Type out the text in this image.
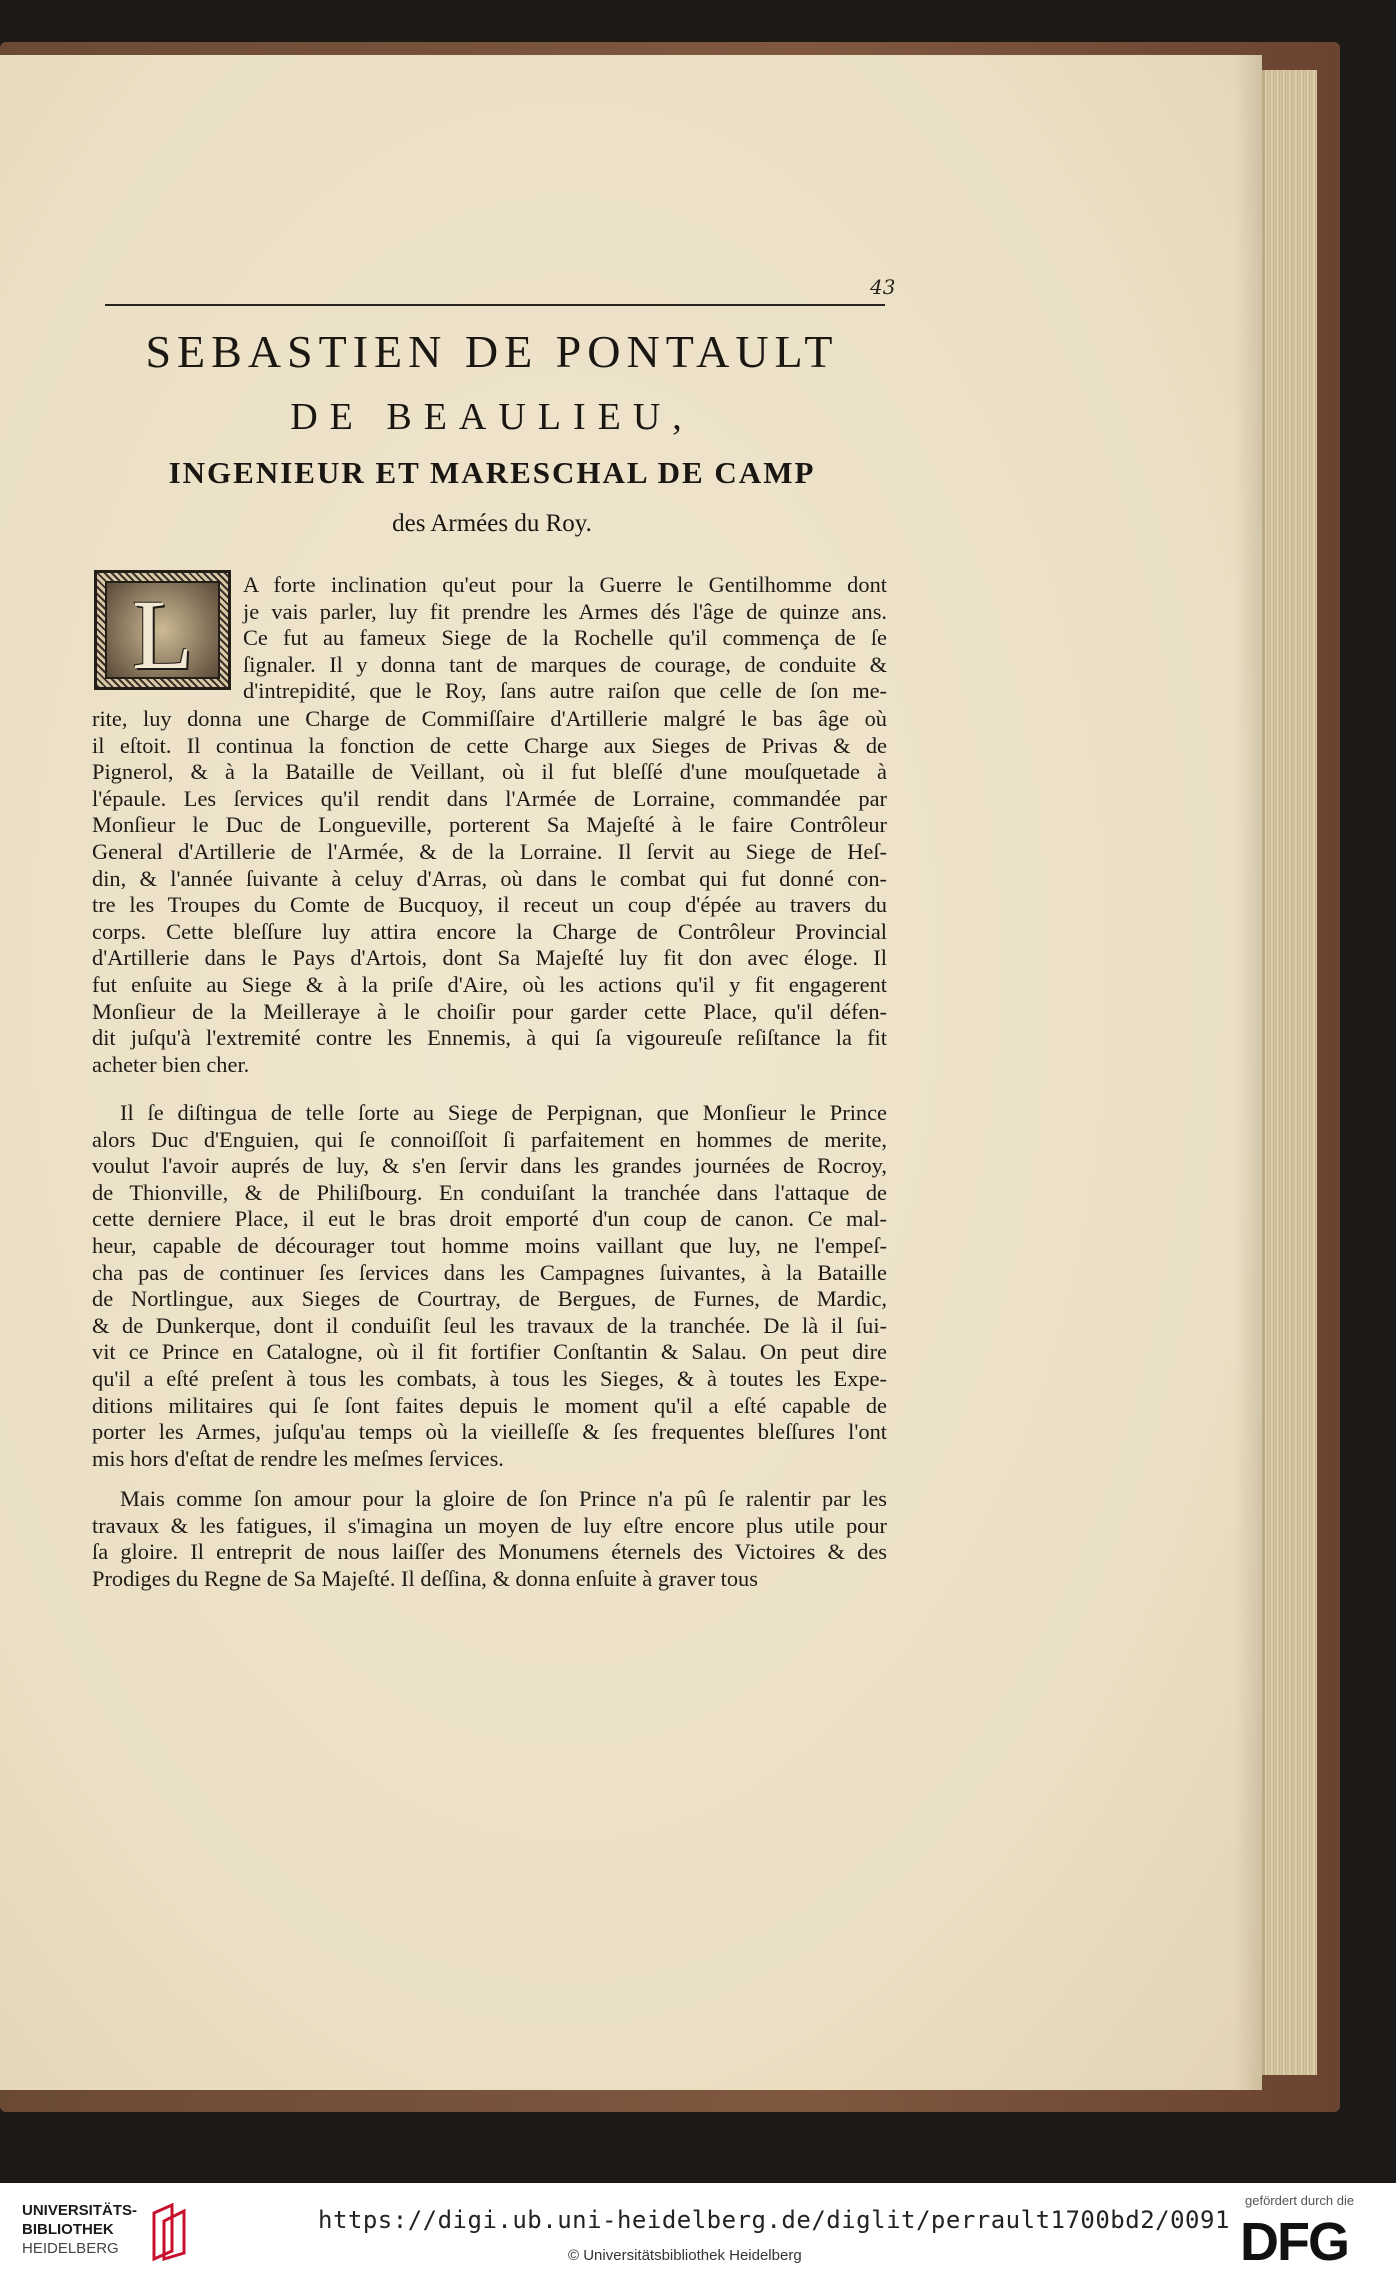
43
SEBASTIEN DE PONTAULT
DE BEAULIEU,
INGENIEUR ET MARESCHAL DE CAMP
des Armées du Roy.
L	A forte inclination qu'eut pour la Guerre le Gentilhomme dont
je vais parler, luy fit prendre les Armes dés l'âge de quinze ans.
Ce fut au fameux Siege de la Rochelle qu'il commença de ſe
ſignaler. Il y donna tant de marques de courage, de conduite &
d'intrepidité, que le Roy, ſans autre raiſon que celle de ſon me-
rite, luy donna une Charge de Commiſſaire d'Artillerie malgré le bas âge où
il eſtoit. Il continua la fonction de cette Charge aux Sieges de Privas & de
Pignerol, & à la Bataille de Veillant, où il fut bleſſé d'une mouſquetade à
l'épaule. Les ſervices qu'il rendit dans l'Armée de Lorraine, commandée par
Monſieur le Duc de Longueville, porterent Sa Majeſté à le faire Contrôleur
General d'Artillerie de l'Armée, & de la Lorraine. Il ſervit au Siege de Heſ-
din, & l'année ſuivante à celuy d'Arras, où dans le combat qui fut donné con-
tre les Troupes du Comte de Bucquoy, il receut un coup d'épée au travers du
corps. Cette bleſſure luy attira encore la Charge de Contrôleur Provincial
d'Artillerie dans le Pays d'Artois, dont Sa Majeſté luy fit don avec éloge. Il
fut enſuite au Siege & à la priſe d'Aire, où les actions qu'il y fit engagerent
Monſieur de la Meilleraye à le choiſir pour garder cette Place, qu'il défen-
dit juſqu'à l'extremité contre les Ennemis, à qui ſa vigoureuſe reſiſtance la fit
acheter bien cher.
Il ſe diſtingua de telle ſorte au Siege de Perpignan, que Monſieur le Prince
alors Duc d'Enguien, qui ſe connoiſſoit ſi parfaitement en hommes de merite,
voulut l'avoir auprés de luy, & s'en ſervir dans les grandes journées de Rocroy,
de Thionville, & de Philiſbourg. En conduiſant la tranchée dans l'attaque de
cette derniere Place, il eut le bras droit emporté d'un coup de canon. Ce mal-
heur, capable de décourager tout homme moins vaillant que luy, ne l'empeſ-
cha pas de continuer ſes ſervices dans les Campagnes ſuivantes, à la Bataille
de Nortlingue, aux Sieges de Courtray, de Bergues, de Furnes, de Mardic,
& de Dunkerque, dont il conduiſit ſeul les travaux de la tranchée. De là il ſui-
vit ce Prince en Catalogne, où il fit fortifier Conſtantin & Salau. On peut dire
qu'il a eſté preſent à tous les combats, à tous les Sieges, & à toutes les Expe-
ditions militaires qui ſe ſont faites depuis le moment qu'il a eſté capable de
porter les Armes, juſqu'au temps où la vieilleſſe & ſes frequentes bleſſures l'ont
mis hors d'eſtat de rendre les meſmes ſervices.
Mais comme ſon amour pour la gloire de ſon Prince n'a pû ſe ralentir par les
travaux & les fatigues, il s'imagina un moyen de luy eſtre encore plus utile pour
ſa gloire. Il entreprit de nous laiſſer des Monumens éternels des Victoires & des
Prodiges du Regne de Sa Majeſté. Il deſſina, & donna enſuite à graver tous
UNIVERSITÄTS-
BIBLIOTHEK
HEIDELBERG
https://digi.ub.uni-heidelberg.de/diglit/perrault1700bd2/0091
© Universitätsbibliothek Heidelberg
gefördert durch die
DFG
